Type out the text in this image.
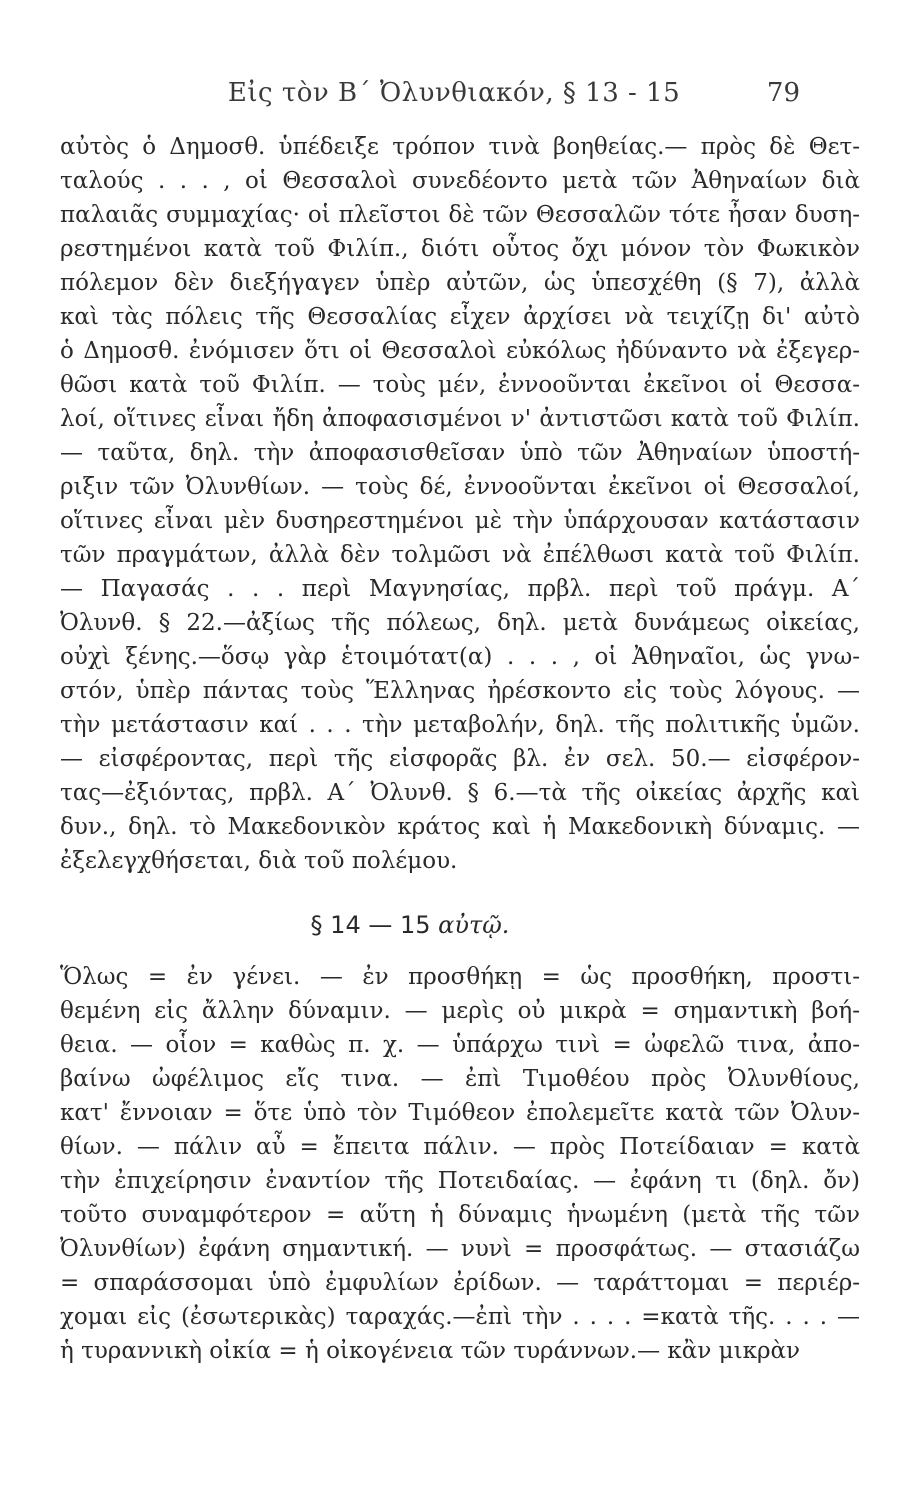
Εἰς τὸν Β΄ Ὀλυνθιακόν, § 13 - 15	79
αὐτὸς ὁ Δημοσθ. ὑπέδειξε τρόπον τινὰ βοηθείας.— πρὸς δὲ Θετ-
ταλούς . . . , οἱ Θεσσαλοὶ συνεδέοντο μετὰ τῶν Ἀθηναίων διὰ
παλαιᾶς συμμαχίας· οἱ πλεῖστοι δὲ τῶν Θεσσαλῶν τότε ἦσαν δυση-
ρεστημένοι κατὰ τοῦ Φιλίπ., διότι οὗτος ὄχι μόνον τὸν Φωκικὸν
πόλεμον δὲν διεξήγαγεν ὑπὲρ αὐτῶν, ὡς ὑπεσχέθη (§ 7), ἀλλὰ
καὶ τὰς πόλεις τῆς Θεσσαλίας εἶχεν ἀρχίσει νὰ τειχίζῃ δι' αὐτὸ
ὁ Δημοσθ. ἐνόμισεν ὅτι οἱ Θεσσαλοὶ εὐκόλως ἠδύναντο νὰ ἐξεγερ-
θῶσι κατὰ τοῦ Φιλίπ. — τοὺς μέν, ἐννοοῦνται ἐκεῖνοι οἱ Θεσσα-
λοί, οἵτινες εἶναι ἤδη ἀποφασισμένοι ν' ἀντιστῶσι κατὰ τοῦ Φιλίπ.
— ταῦτα, δηλ. τὴν ἀποφασισθεῖσαν ὑπὸ τῶν Ἀθηναίων ὑποστή-
ριξιν τῶν Ὀλυνθίων. — τοὺς δέ, ἐννοοῦνται ἐκεῖνοι οἱ Θεσσαλοί,
οἵτινες εἶναι μὲν δυσηρεστημένοι μὲ τὴν ὑπάρχουσαν κατάστασιν
τῶν πραγμάτων, ἀλλὰ δὲν τολμῶσι νὰ ἐπέλθωσι κατὰ τοῦ Φιλίπ.
— Παγασάς . . . περὶ Μαγνησίας, πρβλ. περὶ τοῦ πράγμ. Α΄
Ὀλυνθ. § 22.—ἀξίως τῆς πόλεως, δηλ. μετὰ δυνάμεως οἰκείας,
οὐχὶ ξένης.—ὅσῳ γὰρ ἑτοιμότατ(α) . . . , οἱ Ἀθηναῖοι, ὡς γνω-
στόν, ὑπὲρ πάντας τοὺς Ἕλληνας ἠρέσκοντο εἰς τοὺς λόγους. —
τὴν μετάστασιν καί . . . τὴν μεταβολήν, δηλ. τῆς πολιτικῆς ὑμῶν.
— εἰσφέροντας, περὶ τῆς εἰσφορᾶς βλ. ἐν σελ. 50.— εἰσφέρον-
τας—ἐξιόντας, πρβλ. Α΄ Ὀλυνθ. § 6.—τὰ τῆς οἰκείας ἀρχῆς καὶ
δυν., δηλ. τὸ Μακεδονικὸν κράτος καὶ ἡ Μακεδονικὴ δύναμις. —
ἐξελεγχθήσεται, διὰ τοῦ πολέμου.
§ 14 — 15 αὐτῷ.
Ὅλως = ἐν γένει. — ἐν προσθήκῃ = ὡς προσθήκη, προστι-
θεμένη εἰς ἄλλην δύναμιν. — μερὶς οὐ μικρὰ = σημαντικὴ βοή-
θεια. — οἷον = καθὼς π. χ. — ὑπάρχω τινὶ = ὠφελῶ τινα, ἀπο-
βαίνω ὠφέλιμος εἴς τινα. — ἐπὶ Τιμοθέου πρὸς Ὀλυνθίους,
κατ' ἔννοιαν = ὅτε ὑπὸ τὸν Τιμόθεον ἐπολεμεῖτε κατὰ τῶν Ὀλυν-
θίων. — πάλιν αὖ = ἔπειτα πάλιν. — πρὸς Ποτείδαιαν = κατὰ
τὴν ἐπιχείρησιν ἐναντίον τῆς Ποτειδαίας. — ἐφάνη τι (δηλ. ὄν)
τοῦτο συναμφότερον = αὕτη ἡ δύναμις ἡνωμένη (μετὰ τῆς τῶν
Ὀλυνθίων) ἐφάνη σημαντική. — νυνὶ = προσφάτως. — στασιάζω
= σπαράσσομαι ὑπὸ ἐμφυλίων ἐρίδων. — ταράττομαι = περιέρ-
χομαι εἰς (ἐσωτερικὰς) ταραχάς.—ἐπὶ τὴν . . . . =κατὰ τῆς. . . . —
ἡ τυραννικὴ οἰκία = ἡ οἰκογένεια τῶν τυράννων.— κἂν μικρὰν
